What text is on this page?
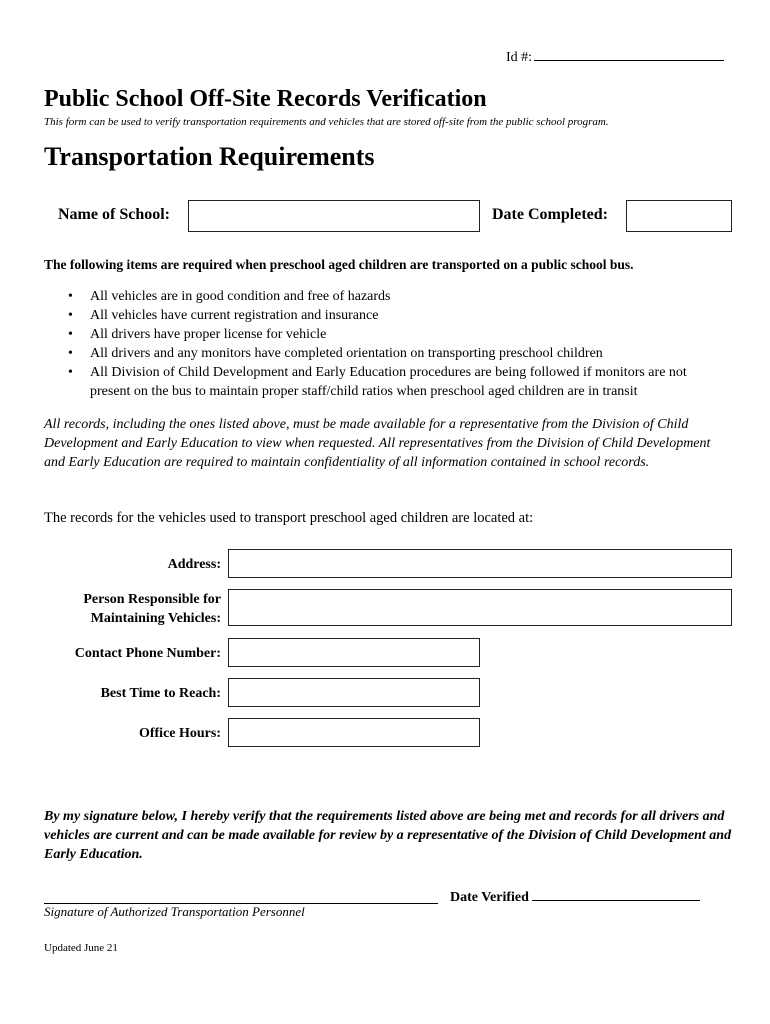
Id #:
Public School Off-Site Records Verification
This form can be used to verify transportation requirements and vehicles that are stored off-site from the public school program.
Transportation Requirements
Name of School:	Date Completed:
The following items are required when preschool aged children are transported on a public school bus.
• All vehicles are in good condition and free of hazards
• All vehicles have current registration and insurance
• All drivers have proper license for vehicle
• All drivers and any monitors have completed orientation on transporting preschool children
• All Division of Child Development and Early Education procedures are being followed if monitors are not present on the bus to maintain proper staff/child ratios when preschool aged children are in transit
All records, including the ones listed above, must be made available for a representative from the Division of Child Development and Early Education to view when requested. All representatives from the Division of Child Development and Early Education are required to maintain confidentiality of all information contained in school records.
The records for the vehicles used to transport preschool aged children are located at:
Address:
Person Responsible for
Maintaining Vehicles:
Contact Phone Number:
Best Time to Reach:
Office Hours:
By my signature below, I hereby verify that the requirements listed above are being met and records for all drivers and vehicles are current and can be made available for review by a representative of the Division of Child Development and Early Education.
Date Verified
Signature of Authorized Transportation Personnel
Updated June 21
